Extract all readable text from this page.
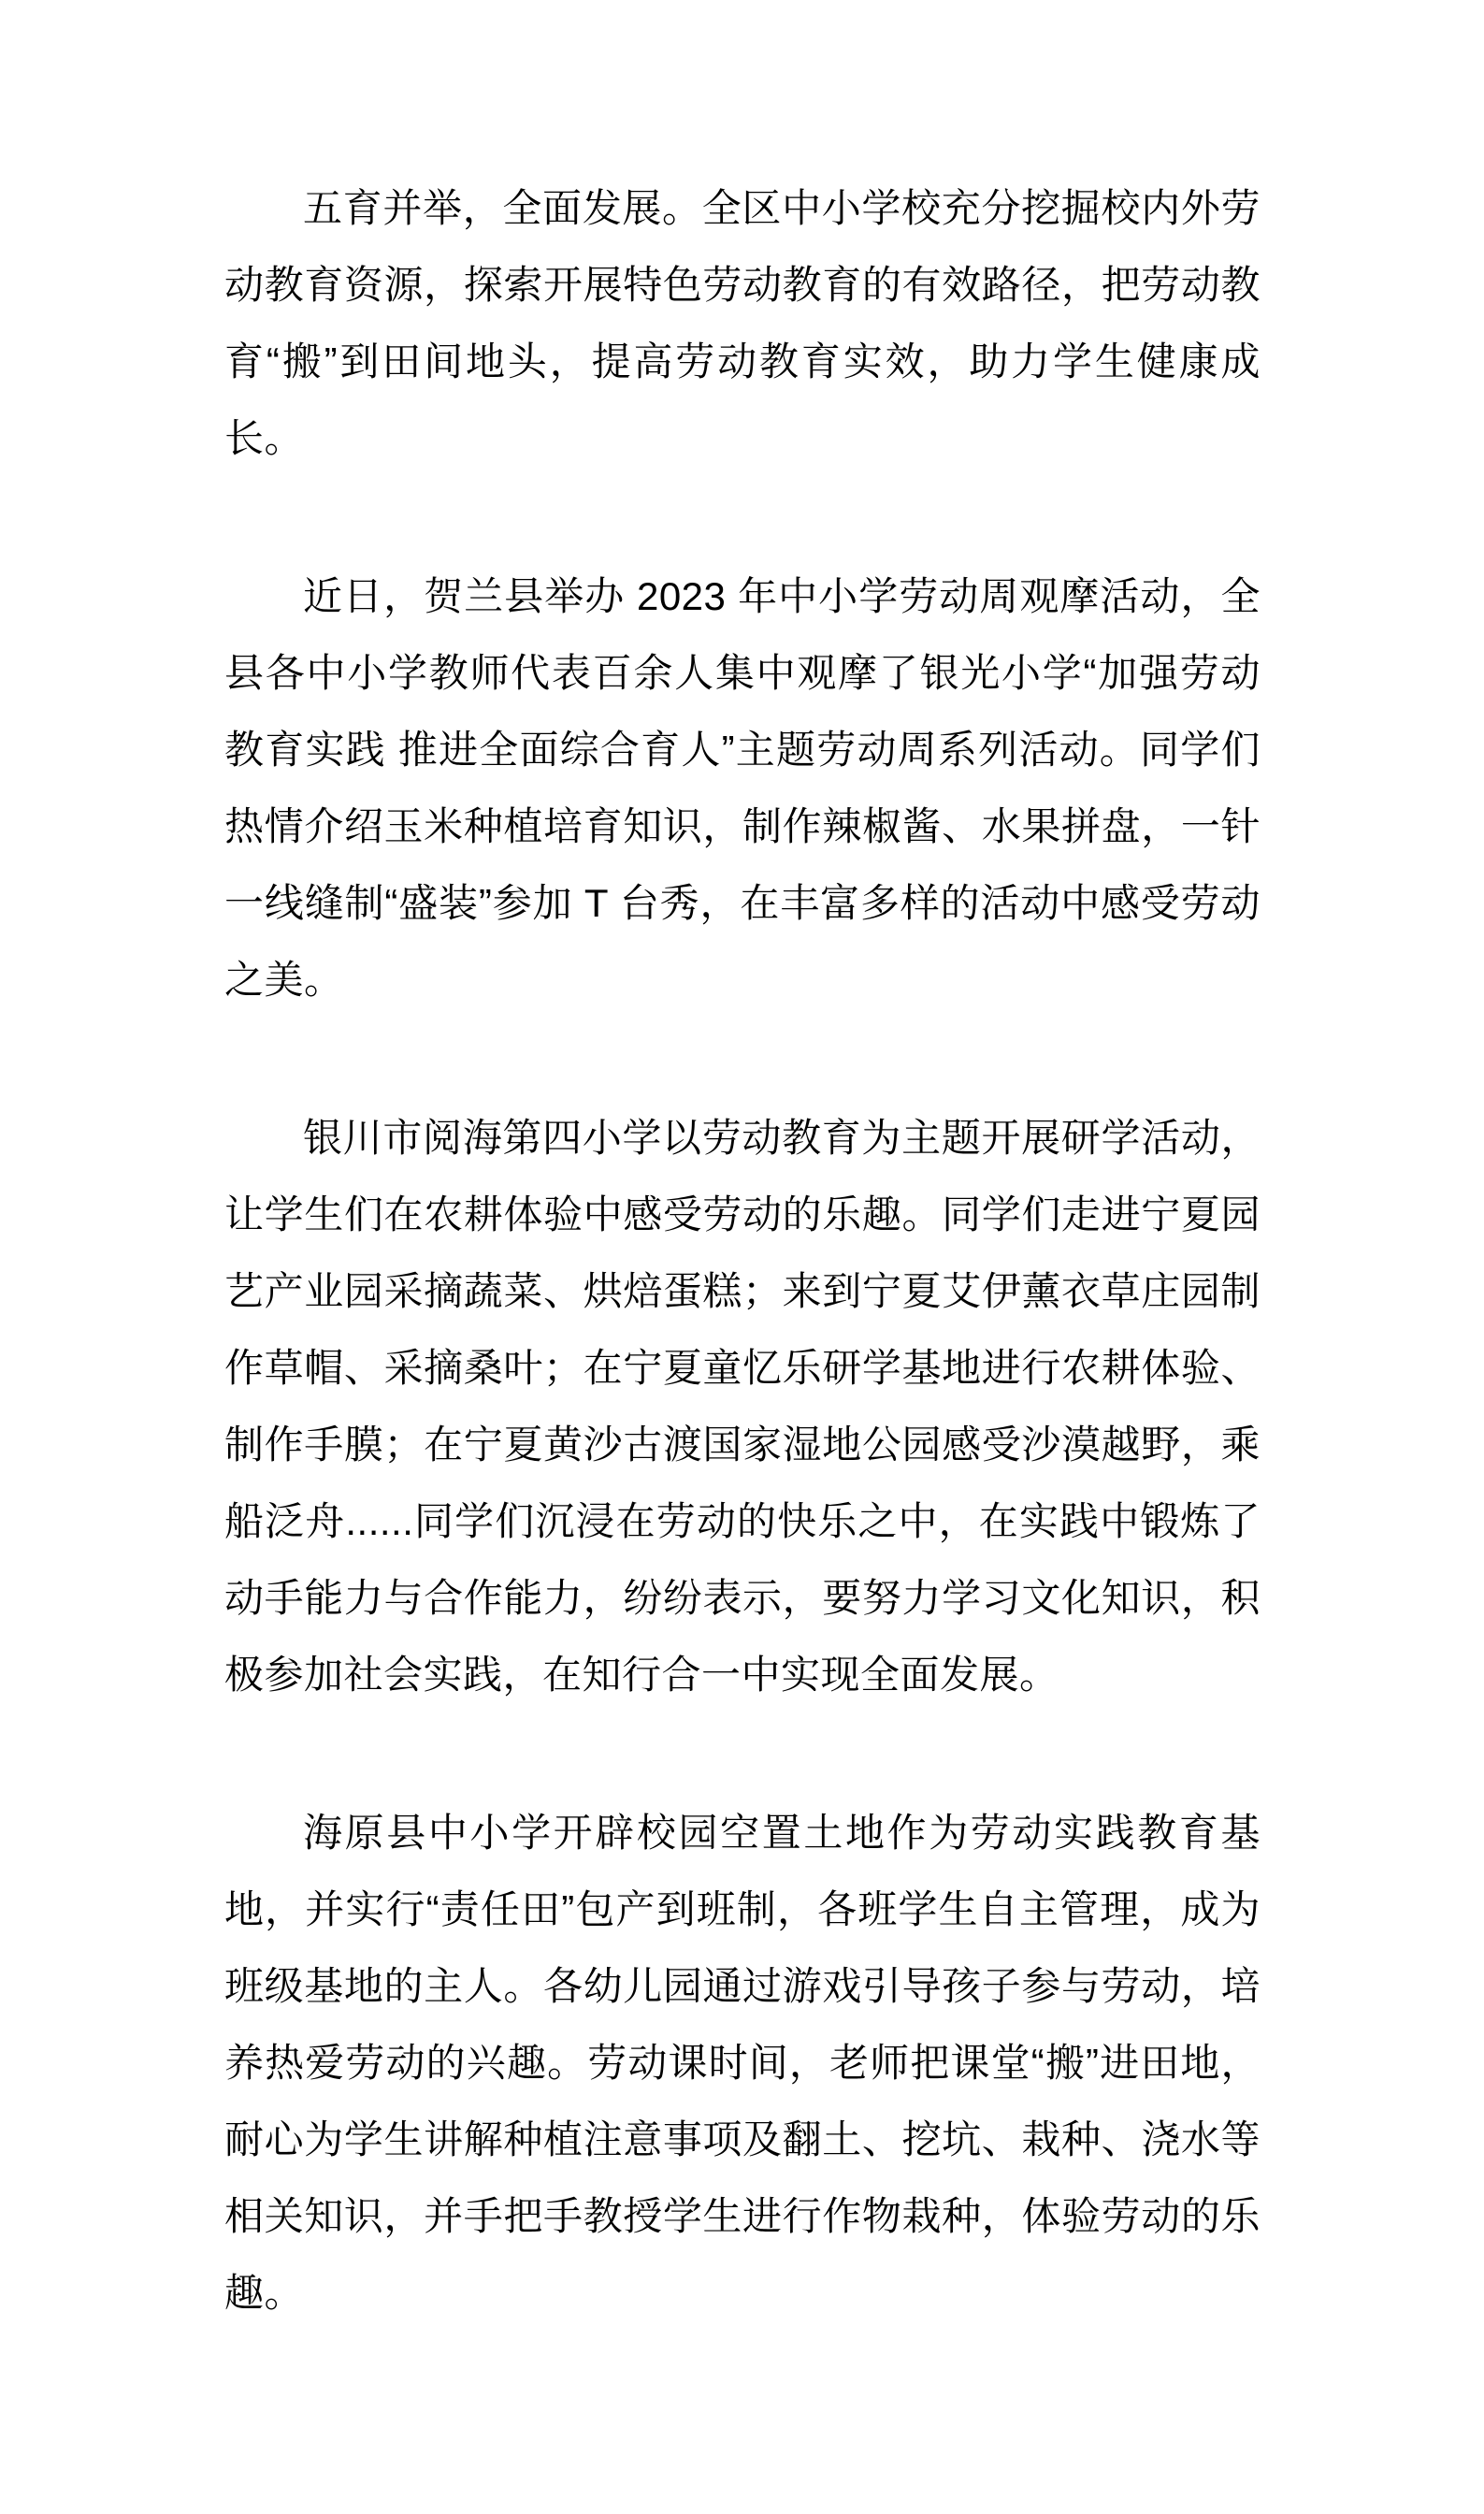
五育并举，全面发展。全区中小学校充分挖掘校内外劳动教育资源，探索开展特色劳动教育的有效路径，把劳动教育“搬”到田间地头，提高劳动教育实效，助力学生健康成长。

近日，贺兰县举办 2023 年中小学劳动周观摩活动，全县各中小学教师代表百余人集中观摩了银光小学“加强劳动教育实践 推进全面综合育人”主题劳动周系列活动。同学们热情介绍玉米种植培育知识，制作辣椒酱、水果拼盘，一针一线缝制“盛装”参加 T 台秀，在丰富多样的活动中感受劳动之美。

银川市阅海第四小学以劳动教育为主题开展研学活动，让学生们在农耕体验中感受劳动的乐趣。同学们走进宁夏园艺产业园采摘蔬菜、烘焙蛋糕；来到宁夏艾伊薰衣草庄园制作草帽、采摘桑叶；在宁夏童忆乐研学基地进行农耕体验、制作手膜；在宁夏黄沙古渡国家湿地公园感受沙漠越野，乘船泛舟......同学们沉浸在劳动的快乐之中，在实践中锻炼了动手能力与合作能力，纷纷表示，要努力学习文化知识，积极参加社会实践，在知行合一中实现全面发展。

海原县中小学开辟校园空置土地作为劳动实践教育基地，并实行“责任田”包产到班制，各班学生自主管理，成为班级基地的主人。各幼儿园通过游戏引导孩子参与劳动，培养热爱劳动的兴趣。劳动课时间，老师把课堂“搬”进田地，耐心为学生讲解种植注意事项及翻土、挖坑、栽种、浇水等相关知识，并手把手教授学生进行作物栽种，体验劳动的乐趣。
